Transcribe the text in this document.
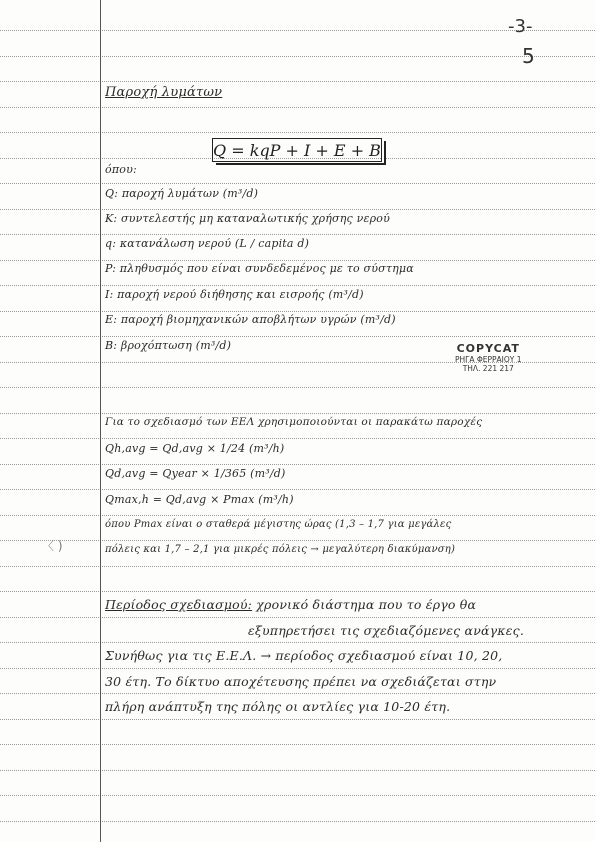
-3-
5
Παροχή λυμάτων
Q = kqP + I + E + B
όπου:
Q: παροχή λυμάτων (m³/d)
K: συντελεστής μη καταναλωτικής χρήσης νερού
q: κατανάλωση νερού (L / capita d)
P: πληθυσμός που είναι συνδεδεμένος με το σύστημα
I: παροχή νερού διήθησης και εισροής (m³/d)
E: παροχή βιομηχανικών αποβλήτων υγρών (m³/d)
B: βροχόπτωση (m³/d)	COPYCAT
ΡΗΓΑ ΦΕΡΡΑΙΟΥ 1
ΤΗΛ. 221 217
Για το σχεδιασμό των ΕΕΛ χρησιμοποιούνται οι παρακάτω παροχές
Qh,avg = Qd,avg × 1/24 (m³/h)
Qd,avg = Qyear × 1/365 (m³/d)
Qmax,h = Qd,avg × Pmax (m³/h)
όπου Pmax είναι ο σταθερά μέγιστης ώρας (1,3 – 1,7 για μεγάλες
πόλεις και 1,7 – 2,1 για μικρές πόλεις → μεγαλύτερη διακύμανση)
〈 )
Περίοδος σχεδιασμού: χρονικό διάστημα που το έργο θα
εξυπηρετήσει τις σχεδιαζόμενες ανάγκες.
Συνήθως για τις Ε.Ε.Λ. → περίοδος σχεδιασμού είναι 10, 20,
30 έτη. Το δίκτυο αποχέτευσης πρέπει να σχεδιάζεται στην
πλήρη ανάπτυξη της πόλης οι αντλίες για 10-20 έτη.
